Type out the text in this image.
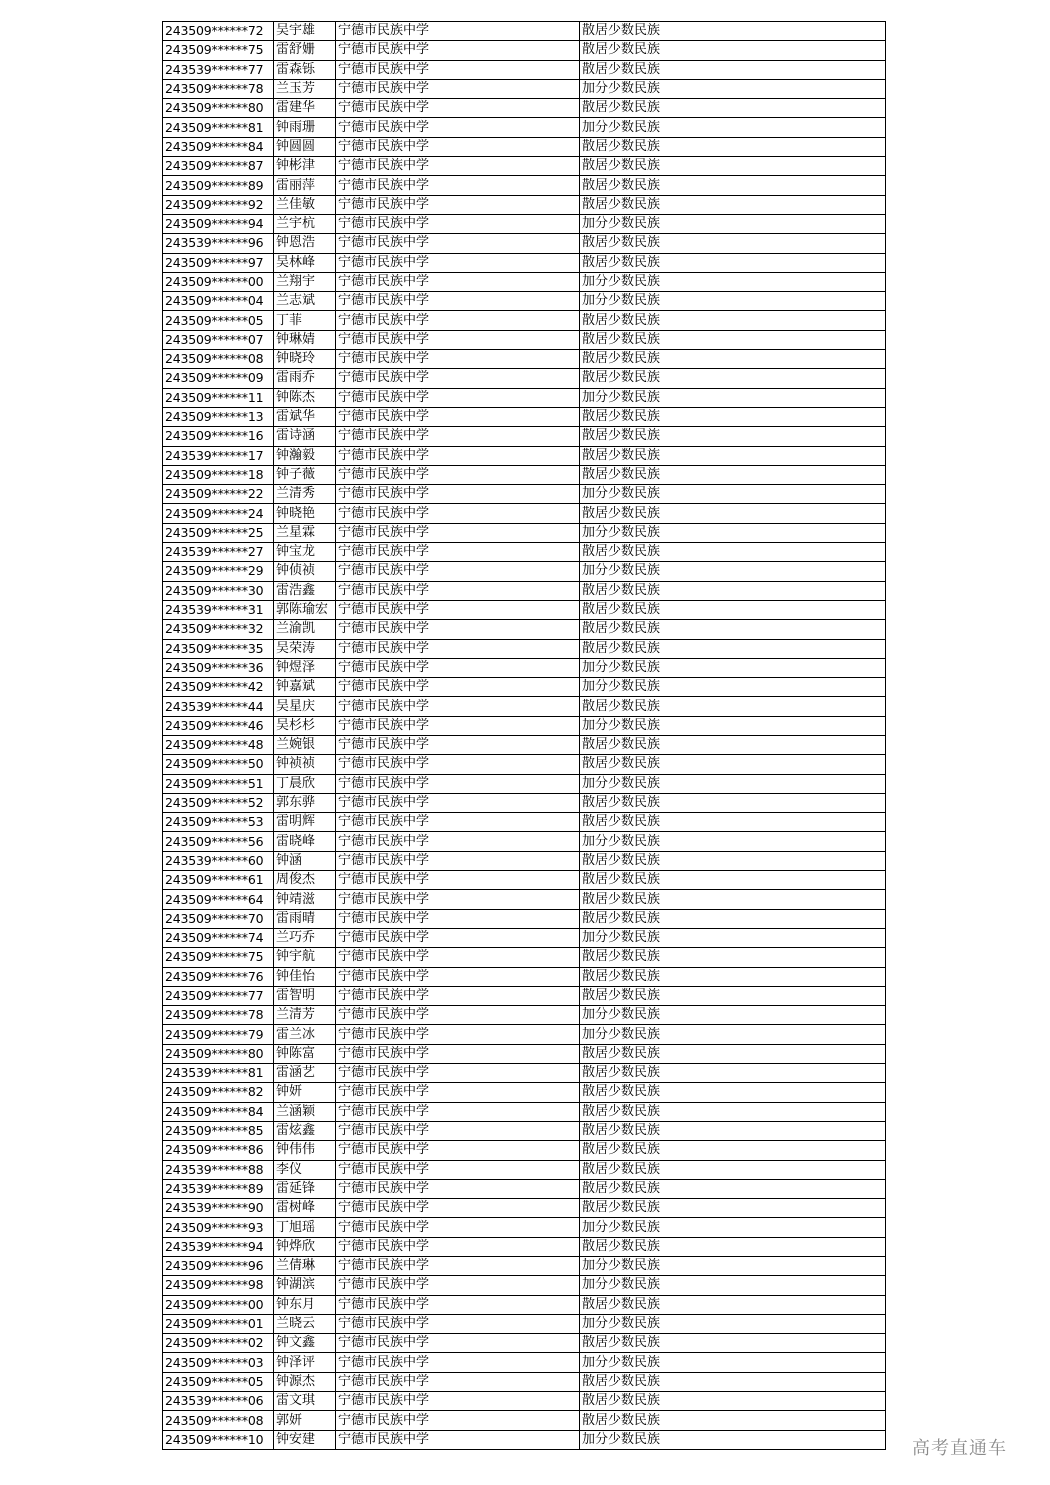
243509******72	吴宇雄	宁德市民族中学	散居少数民族
243509******75	雷舒姗	宁德市民族中学	散居少数民族
243539******77	雷森铄	宁德市民族中学	散居少数民族
243509******78	兰玉芳	宁德市民族中学	加分少数民族
243509******80	雷建华	宁德市民族中学	散居少数民族
243509******81	钟雨珊	宁德市民族中学	加分少数民族
243509******84	钟圆圆	宁德市民族中学	散居少数民族
243509******87	钟彬津	宁德市民族中学	散居少数民族
243509******89	雷丽萍	宁德市民族中学	散居少数民族
243509******92	兰佳敏	宁德市民族中学	散居少数民族
243509******94	兰宇杭	宁德市民族中学	加分少数民族
243539******96	钟恩浩	宁德市民族中学	散居少数民族
243509******97	吴林峰	宁德市民族中学	散居少数民族
243509******00	兰翔宇	宁德市民族中学	加分少数民族
243509******04	兰志斌	宁德市民族中学	加分少数民族
243509******05	丁菲	宁德市民族中学	散居少数民族
243509******07	钟琳婧	宁德市民族中学	散居少数民族
243509******08	钟晓玲	宁德市民族中学	散居少数民族
243509******09	雷雨乔	宁德市民族中学	散居少数民族
243509******11	钟陈杰	宁德市民族中学	加分少数民族
243509******13	雷斌华	宁德市民族中学	散居少数民族
243509******16	雷诗涵	宁德市民族中学	散居少数民族
243539******17	钟瀚毅	宁德市民族中学	散居少数民族
243509******18	钟子薇	宁德市民族中学	散居少数民族
243509******22	兰清秀	宁德市民族中学	加分少数民族
243509******24	钟晓艳	宁德市民族中学	散居少数民族
243509******25	兰星霖	宁德市民族中学	加分少数民族
243539******27	钟宝龙	宁德市民族中学	散居少数民族
243509******29	钟侦祯	宁德市民族中学	加分少数民族
243509******30	雷浩鑫	宁德市民族中学	散居少数民族
243539******31	郭陈瑜宏	宁德市民族中学	散居少数民族
243509******32	兰渝凯	宁德市民族中学	散居少数民族
243509******35	吴荣涛	宁德市民族中学	散居少数民族
243509******36	钟煜泽	宁德市民族中学	加分少数民族
243509******42	钟嘉斌	宁德市民族中学	加分少数民族
243539******44	吴星庆	宁德市民族中学	散居少数民族
243509******46	吴杉杉	宁德市民族中学	加分少数民族
243509******48	兰婉银	宁德市民族中学	散居少数民族
243509******50	钟祯祯	宁德市民族中学	散居少数民族
243509******51	丁晨欣	宁德市民族中学	加分少数民族
243509******52	郭东骅	宁德市民族中学	散居少数民族
243509******53	雷明辉	宁德市民族中学	散居少数民族
243509******56	雷晓峰	宁德市民族中学	加分少数民族
243539******60	钟涵	宁德市民族中学	散居少数民族
243509******61	周俊杰	宁德市民族中学	散居少数民族
243509******64	钟靖滋	宁德市民族中学	散居少数民族
243509******70	雷雨晴	宁德市民族中学	散居少数民族
243509******74	兰巧乔	宁德市民族中学	加分少数民族
243509******75	钟宇航	宁德市民族中学	散居少数民族
243509******76	钟佳怡	宁德市民族中学	散居少数民族
243509******77	雷智明	宁德市民族中学	散居少数民族
243509******78	兰清芳	宁德市民族中学	加分少数民族
243509******79	雷兰冰	宁德市民族中学	加分少数民族
243509******80	钟陈富	宁德市民族中学	散居少数民族
243539******81	雷涵艺	宁德市民族中学	散居少数民族
243509******82	钟妍	宁德市民族中学	散居少数民族
243509******84	兰涵颖	宁德市民族中学	散居少数民族
243509******85	雷炫鑫	宁德市民族中学	散居少数民族
243509******86	钟伟伟	宁德市民族中学	散居少数民族
243539******88	李仪	宁德市民族中学	散居少数民族
243539******89	雷延锋	宁德市民族中学	散居少数民族
243539******90	雷树峰	宁德市民族中学	散居少数民族
243509******93	丁旭瑶	宁德市民族中学	加分少数民族
243539******94	钟烨欣	宁德市民族中学	散居少数民族
243509******96	兰倩琳	宁德市民族中学	加分少数民族
243509******98	钟湖滨	宁德市民族中学	加分少数民族
243509******00	钟东月	宁德市民族中学	散居少数民族
243509******01	兰晓云	宁德市民族中学	加分少数民族
243509******02	钟文鑫	宁德市民族中学	散居少数民族
243509******03	钟泽评	宁德市民族中学	加分少数民族
243509******05	钟源杰	宁德市民族中学	散居少数民族
243539******06	雷文琪	宁德市民族中学	散居少数民族
243509******08	郭妍	宁德市民族中学	散居少数民族
243509******10	钟安建	宁德市民族中学	加分少数民族	高考直通车
